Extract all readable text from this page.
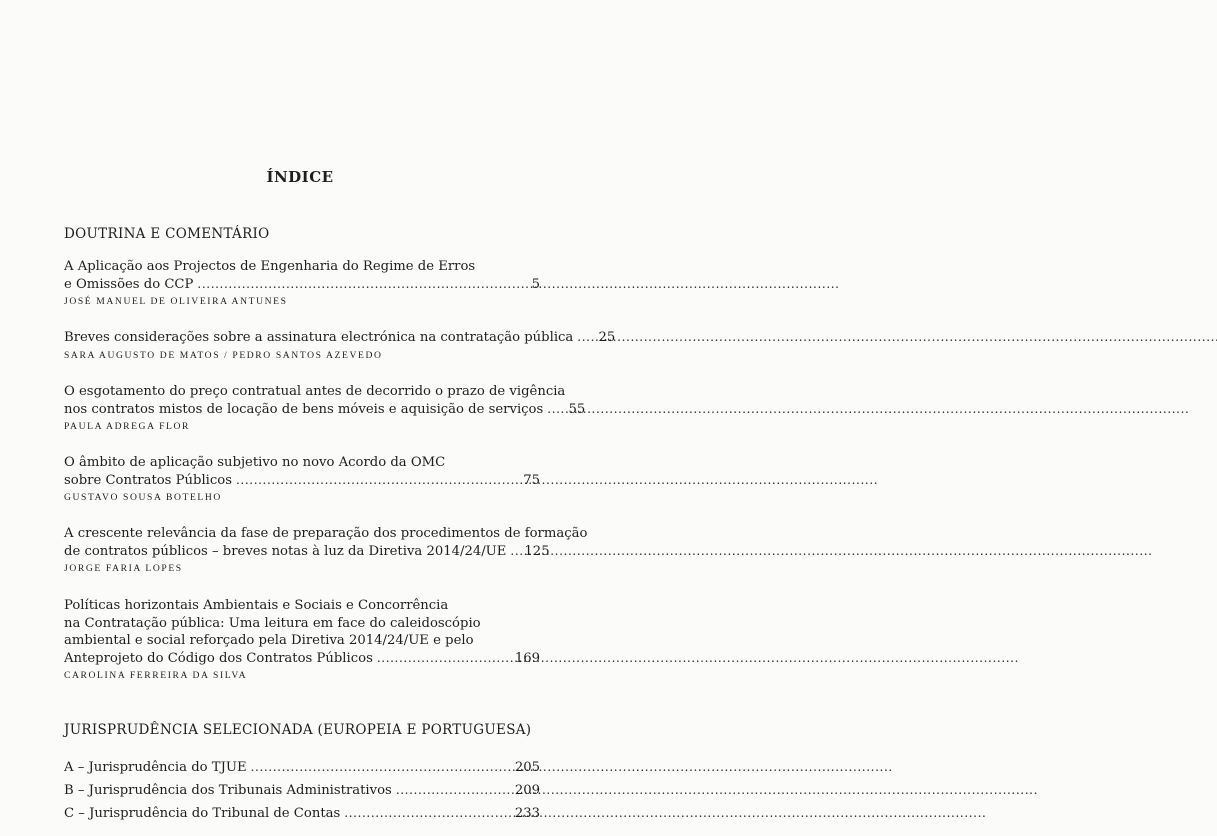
ÍNDICE
DOUTRINA E COMENTÁRIO
A Aplicação aos Projectos de Engenharia do Regime de Erros
e Omissões do CCP . . .	5
JOSÉ MANUEL DE OLIVEIRA ANTUNES
Breves considerações sobre a assinatura electrónica na contratação pública . . .	25
SARA AUGUSTO DE MATOS / PEDRO SANTOS AZEVEDO
O esgotamento do preço contratual antes de decorrido o prazo de vigência
nos contratos mistos de locação de bens móveis e aquisição de serviços . . .	55
PAULA ADREGA FLOR
O âmbito de aplicação subjetivo no novo Acordo da OMC
sobre Contratos Públicos . . .	75
GUSTAVO SOUSA BOTELHO
A crescente relevância da fase de preparação dos procedimentos de formação
de contratos públicos – breves notas à luz da Diretiva 2014/24/UE . . . 125
JORGE FARIA LOPES
Políticas horizontais Ambientais e Sociais e Concorrência
na Contratação pública: Uma leitura em face do caleidoscópio
ambiental e social reforçado pela Diretiva 2014/24/UE e pelo
Anteprojeto do Código dos Contratos Públicos . . .	169
CAROLINA FERREIRA DA SILVA
JURISPRUDÊNCIA SELECIONADA (EUROPEIA E PORTUGUESA)
A – Jurisprudência do TJUE . . .	205
B – Jurisprudência dos Tribunais Administrativos . . .	209
C – Jurisprudência do Tribunal de Contas . . .	233
